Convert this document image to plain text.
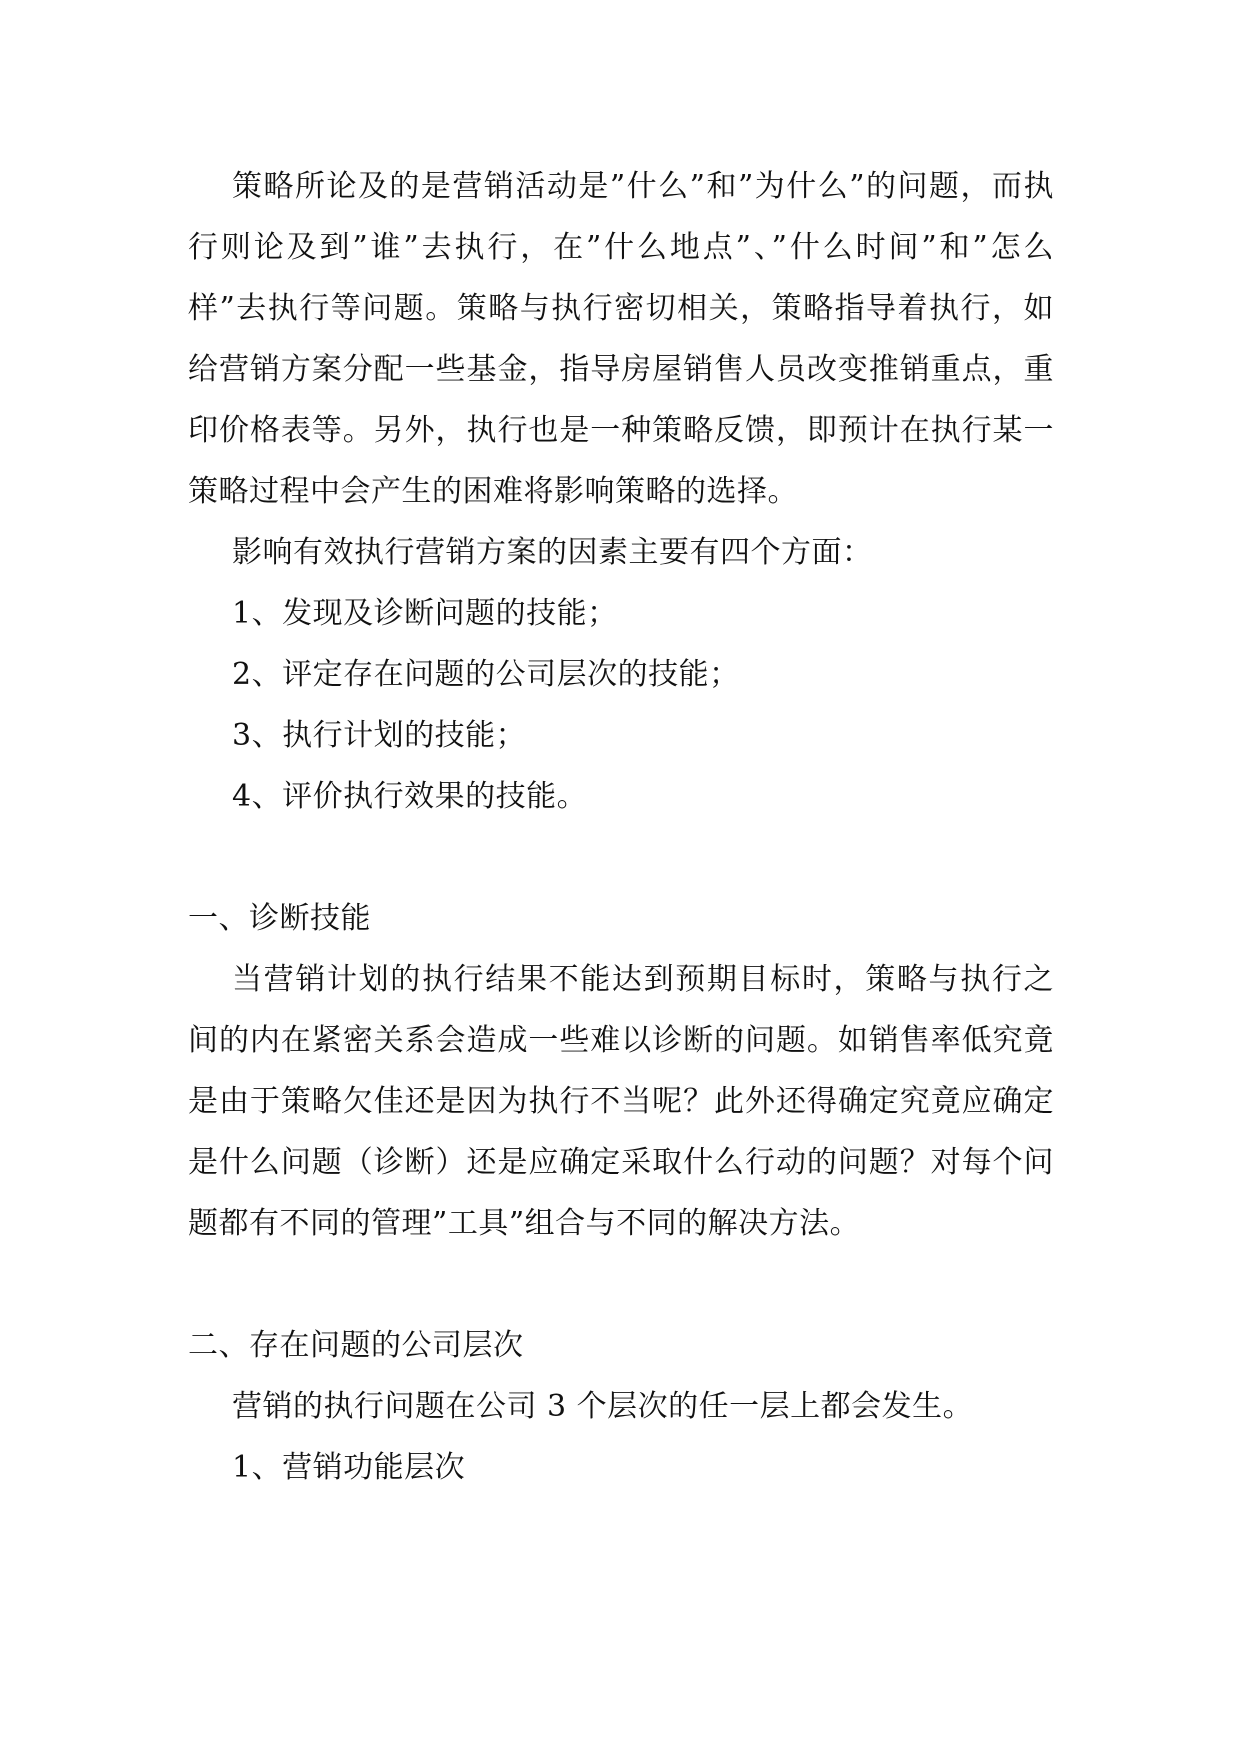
策略所论及的是营销活动是”什么”和”为什么”的问题，而执行则论及到”谁”去执行，在”什么地点”、”什么时间”和”怎么样”去执行等问题。策略与执行密切相关，策略指导着执行，如给营销方案分配一些基金，指导房屋销售人员改变推销重点，重印价格表等。另外，执行也是一种策略反馈，即预计在执行某一策略过程中会产生的困难将影响策略的选择。

影响有效执行营销方案的因素主要有四个方面：

1、发现及诊断问题的技能；

2、评定存在问题的公司层次的技能；

3、执行计划的技能；

4、评价执行效果的技能。

一、诊断技能

当营销计划的执行结果不能达到预期目标时，策略与执行之间的内在紧密关系会造成一些难以诊断的问题。如销售率低究竟是由于策略欠佳还是因为执行不当呢？此外还得确定究竟应确定是什么问题（诊断）还是应确定采取什么行动的问题？对每个问题都有不同的管理”工具”组合与不同的解决方法。

二、存在问题的公司层次

营销的执行问题在公司 3 个层次的任一层上都会发生。

1、营销功能层次
